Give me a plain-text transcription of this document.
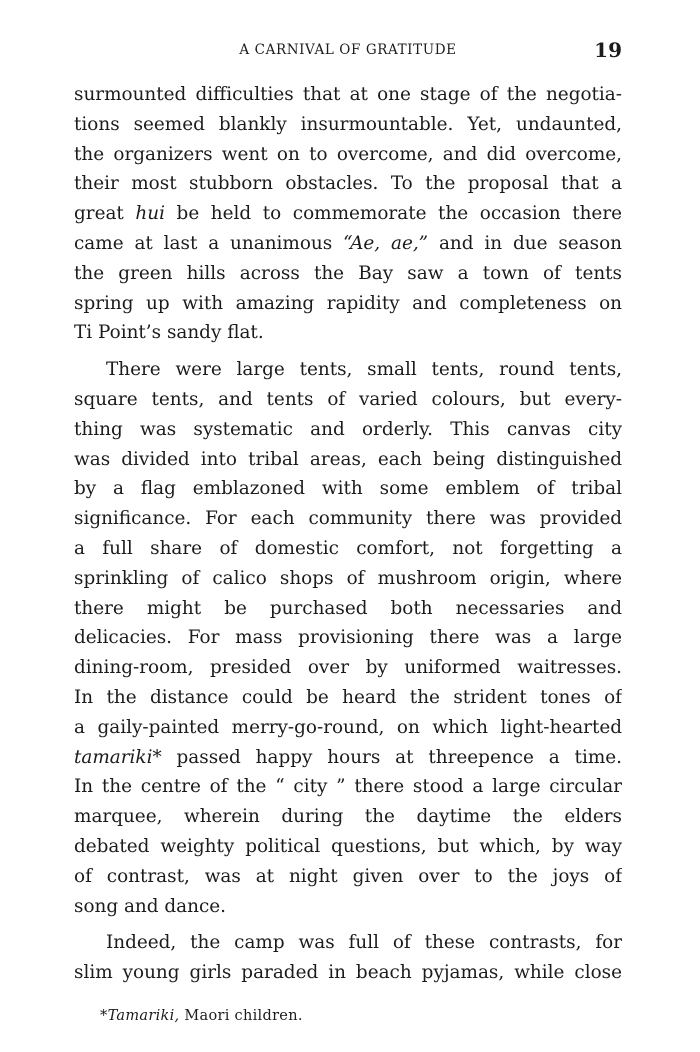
A CARNIVAL OF GRATITUDE	19
surmounted difficulties that at one stage of the negotia-
tions seemed blankly insurmountable. Yet, undaunted,
the organizers went on to overcome, and did overcome,
their most stubborn obstacles. To the proposal that a
great hui be held to commemorate the occasion there
came at last a unanimous “Ae, ae,” and in due season
the green hills across the Bay saw a town of tents
spring up with amazing rapidity and completeness on
Ti Point’s sandy flat.
There were large tents, small tents, round tents,
square tents, and tents of varied colours, but every-
thing was systematic and orderly. This canvas city
was divided into tribal areas, each being distinguished
by a flag emblazoned with some emblem of tribal
significance. For each community there was provided
a full share of domestic comfort, not forgetting a
sprinkling of calico shops of mushroom origin, where
there might be purchased both necessaries and
delicacies. For mass provisioning there was a large
dining-room, presided over by uniformed waitresses.
In the distance could be heard the strident tones of
a gaily-painted merry-go-round, on which light-hearted
tamariki* passed happy hours at threepence a time.
In the centre of the “ city ” there stood a large circular
marquee, wherein during the daytime the elders
debated weighty political questions, but which, by way
of contrast, was at night given over to the joys of
song and dance.
Indeed, the camp was full of these contrasts, for
slim young girls paraded in beach pyjamas, while close
*Tamariki, Maori children.
